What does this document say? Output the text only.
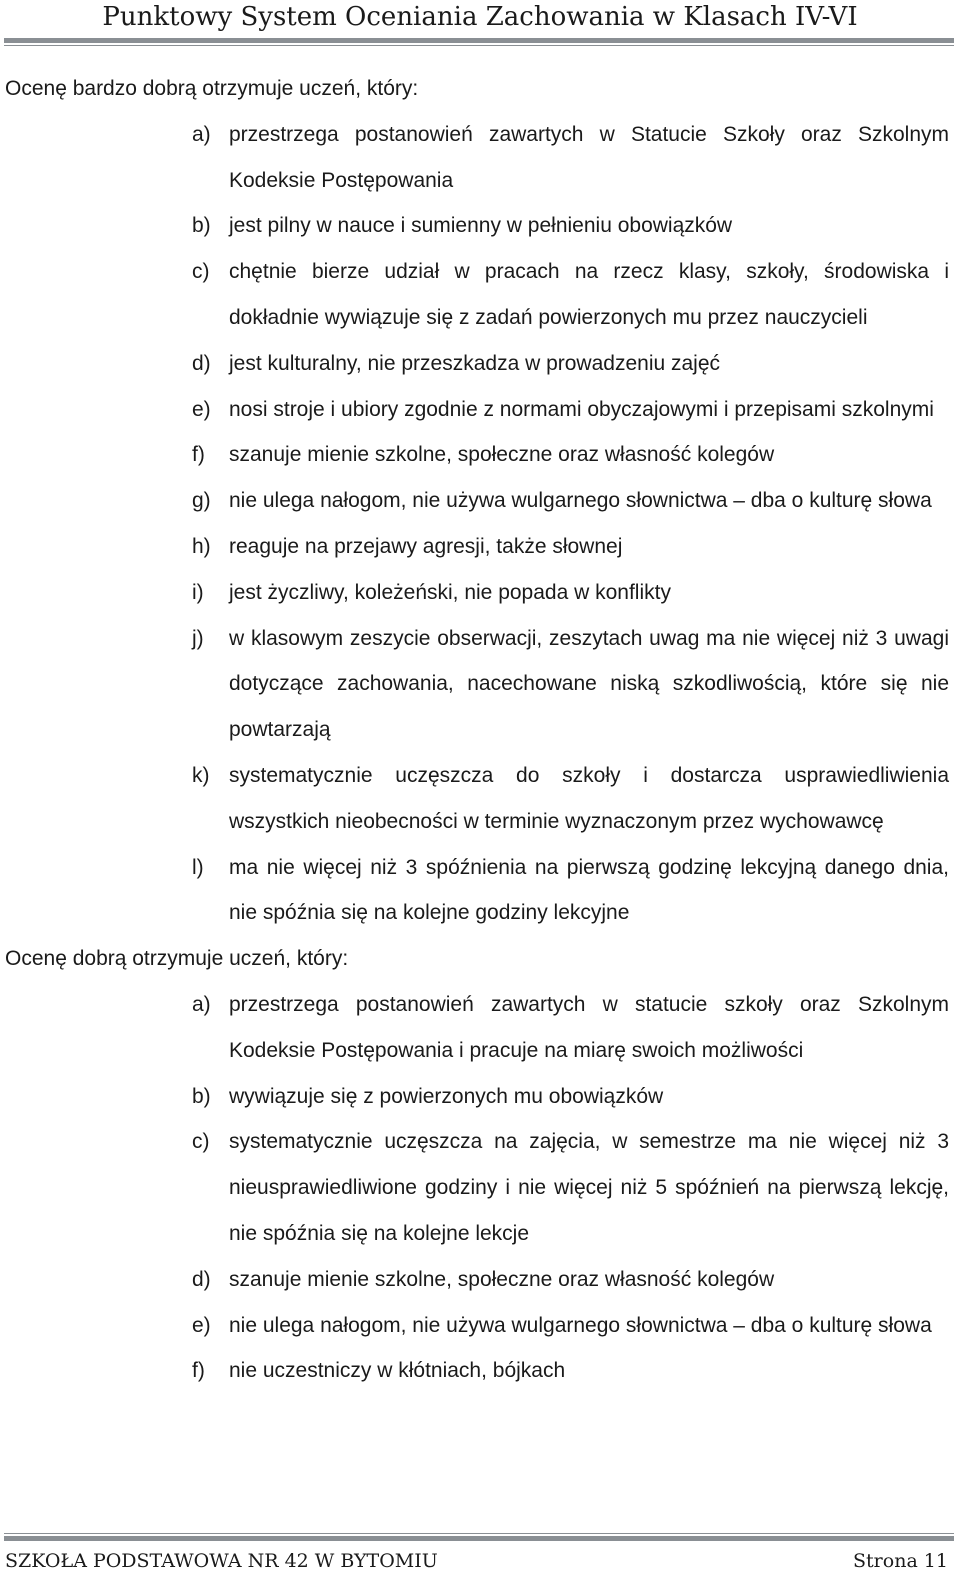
Punktowy System Oceniania Zachowania w Klasach IV-VI
Ocenę bardzo dobrą otrzymuje uczeń, który:
a) przestrzega postanowień zawartych w Statucie Szkoły oraz Szkolnym Kodeksie Postępowania
b) jest pilny w nauce i sumienny w pełnieniu obowiązków
c) chętnie bierze udział w pracach na rzecz klasy, szkoły, środowiska i dokładnie wywiązuje się z zadań powierzonych mu przez nauczycieli
d) jest kulturalny, nie przeszkadza w prowadzeniu zajęć
e) nosi stroje i ubiory zgodnie z normami obyczajowymi i przepisami szkolnymi
f) szanuje mienie szkolne, społeczne oraz własność kolegów
g) nie ulega nałogom, nie używa wulgarnego słownictwa – dba o kulturę słowa
h) reaguje na przejawy agresji, także słownej
i) jest życzliwy, koleżeński, nie popada w konflikty
j) w klasowym zeszycie obserwacji, zeszytach uwag ma nie więcej niż 3 uwagi dotyczące zachowania, nacechowane niską szkodliwością, które się nie powtarzają
k) systematycznie uczęszcza do szkoły i dostarcza usprawiedliwienia wszystkich nieobecności w terminie wyznaczonym przez wychowawcę
l) ma nie więcej niż 3 spóźnienia na pierwszą godzinę lekcyjną danego dnia, nie spóźnia się na kolejne godziny lekcyjne
Ocenę dobrą otrzymuje uczeń, który:
a) przestrzega postanowień zawartych w statucie szkoły oraz Szkolnym Kodeksie Postępowania i pracuje na miarę swoich możliwości
b) wywiązuje się z powierzonych mu obowiązków
c) systematycznie uczęszcza na zajęcia, w semestrze ma nie więcej niż 3 nieusprawiedliwione godziny i nie więcej niż 5 spóźnień na pierwszą lekcję, nie spóźnia się na kolejne lekcje
d) szanuje mienie szkolne, społeczne oraz własność kolegów
e) nie ulega nałogom, nie używa wulgarnego słownictwa – dba o kulturę słowa
f) nie uczestniczy w kłótniach, bójkach
SZKOŁA PODSTAWOWA NR 42 W BYTOMIU	Strona 11
